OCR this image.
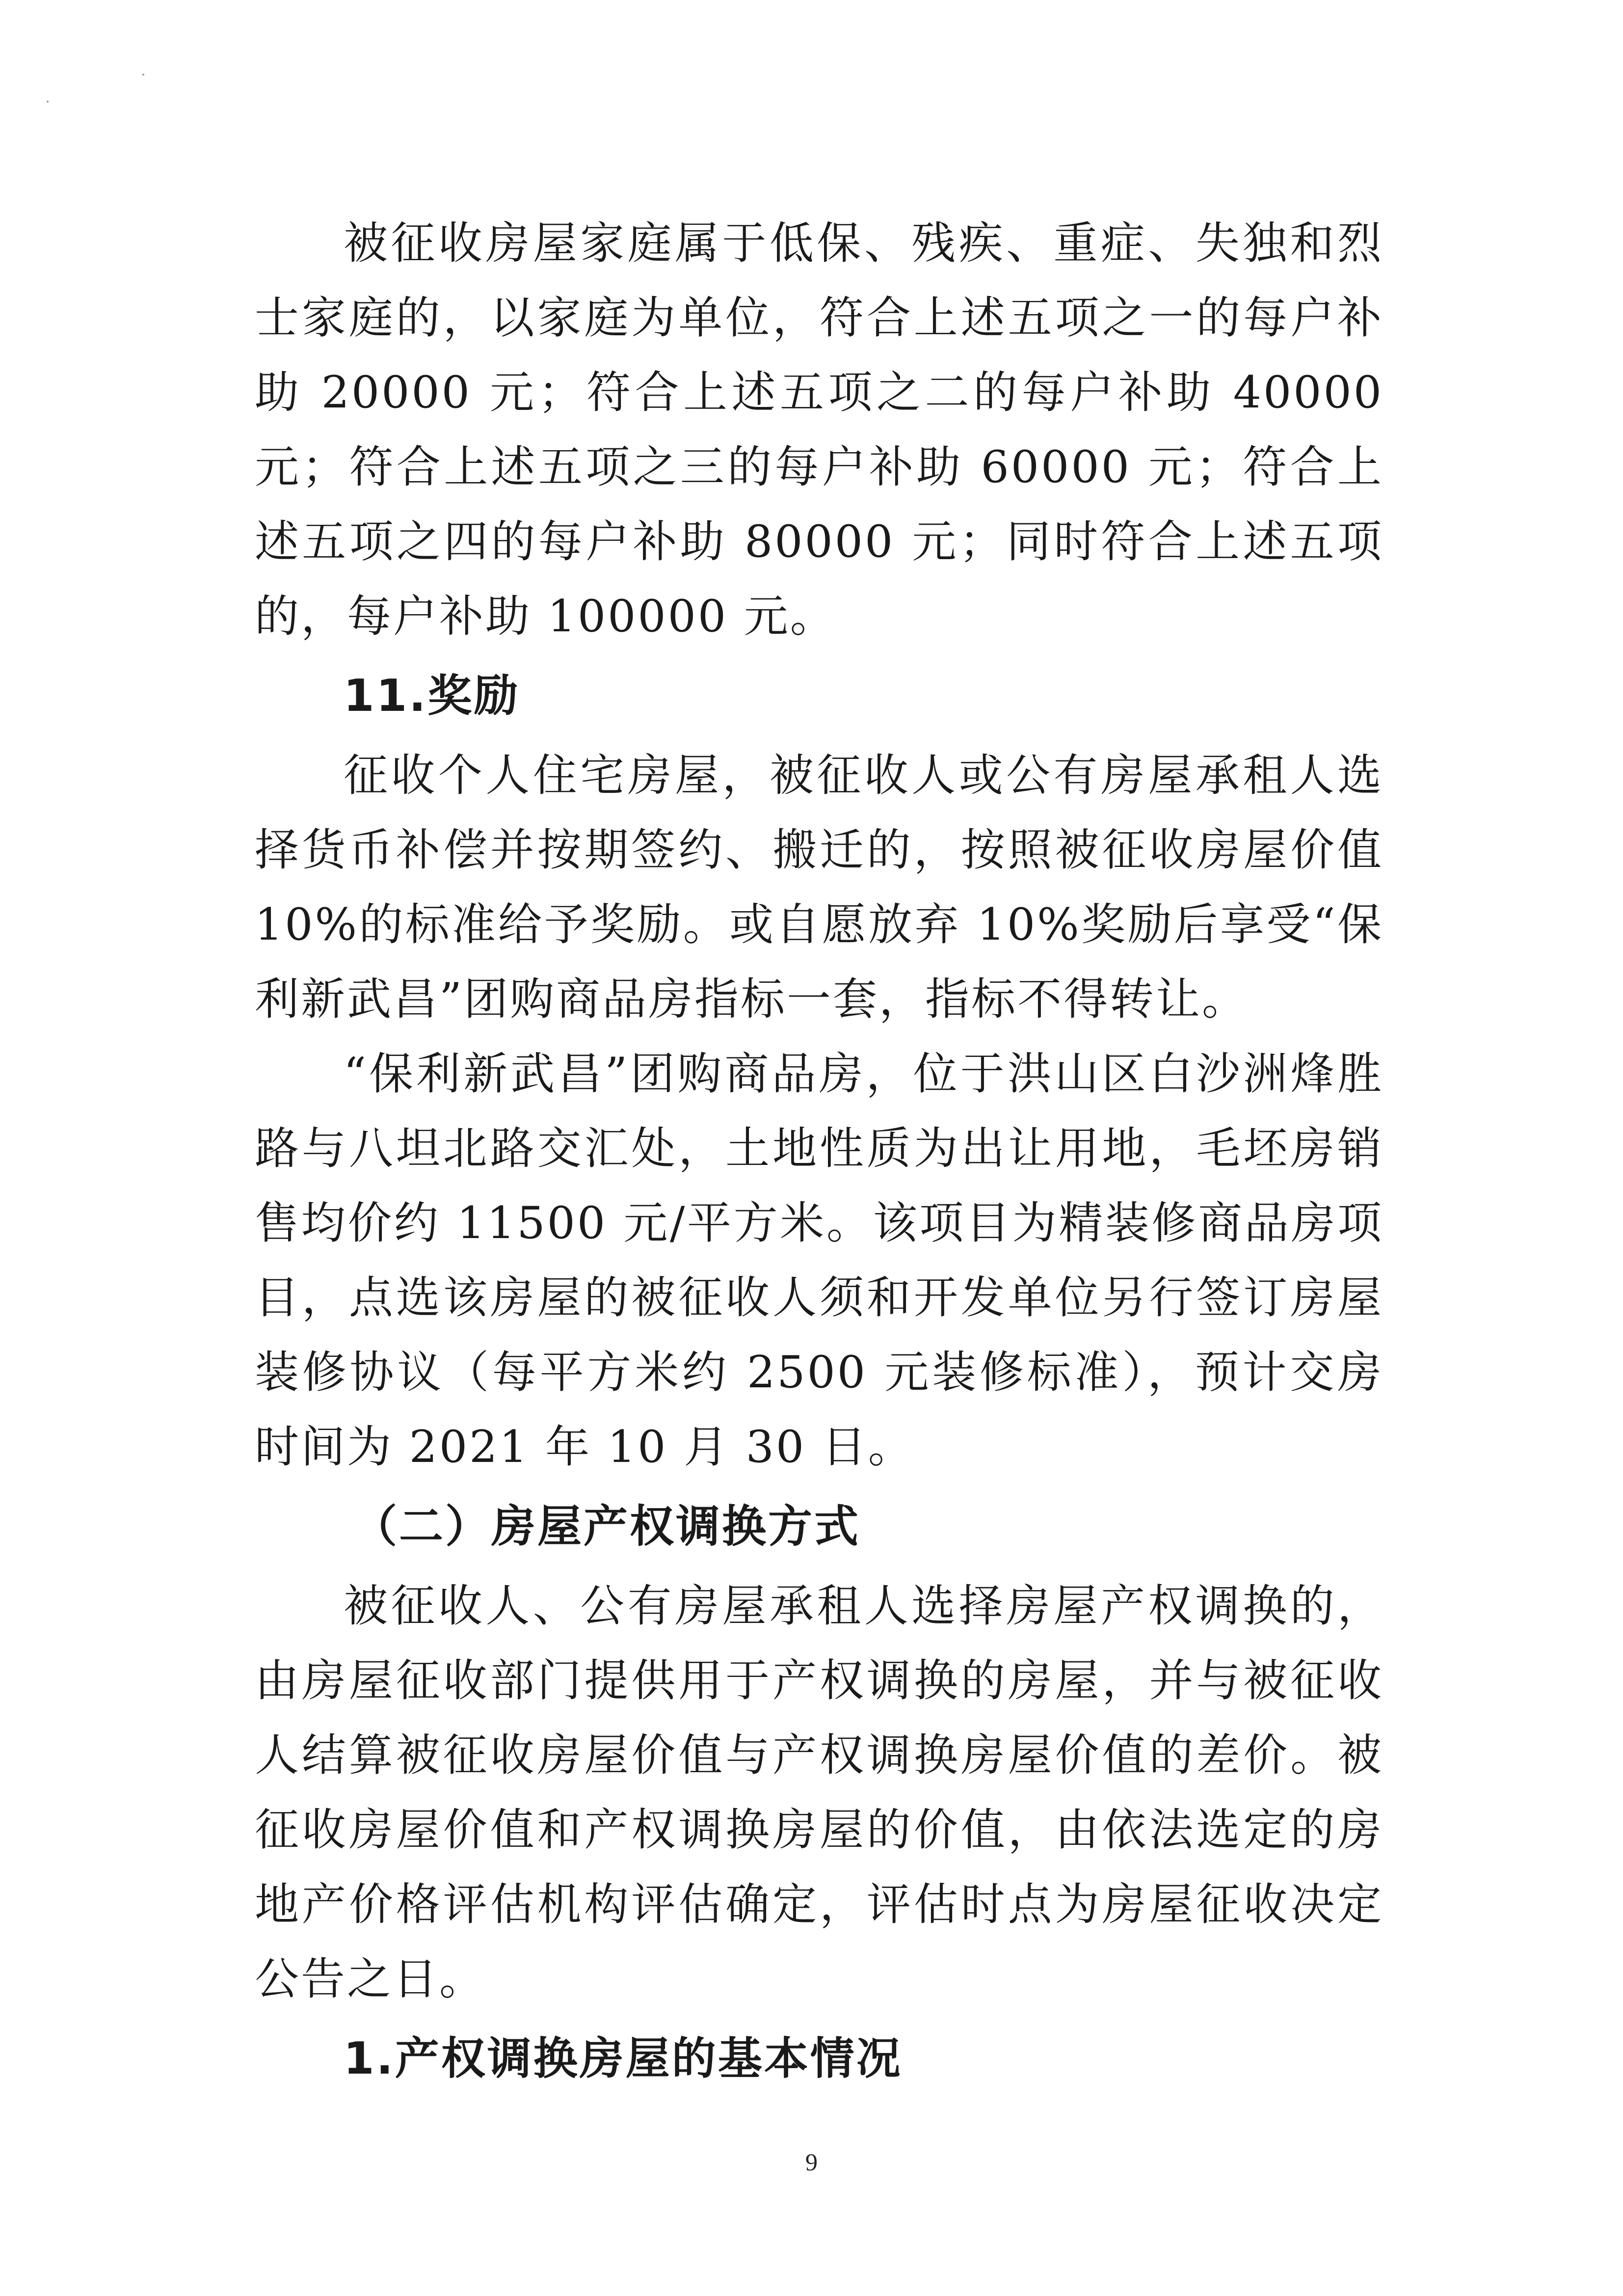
被征收房屋家庭属于低保、残疾、重症、失独和烈士家庭的，以家庭为单位，符合上述五项之一的每户补助 20000 元；符合上述五项之二的每户补助 40000 元；符合上述五项之三的每户补助 60000 元；符合上述五项之四的每户补助 80000 元；同时符合上述五项的，每户补助 100000 元。

11.奖励

征收个人住宅房屋，被征收人或公有房屋承租人选择货币补偿并按期签约、搬迁的，按照被征收房屋价值 10%的标准给予奖励。或自愿放弃 10%奖励后享受“保利新武昌”团购商品房指标一套，指标不得转让。

“保利新武昌”团购商品房，位于洪山区白沙洲烽胜路与八坦北路交汇处，土地性质为出让用地，毛坯房销售均价约 11500 元/平方米。该项目为精装修商品房项目，点选该房屋的被征收人须和开发单位另行签订房屋装修协议（每平方米约 2500 元装修标准），预计交房时间为 2021 年 10 月 30 日。

（二）房屋产权调换方式

被征收人、公有房屋承租人选择房屋产权调换的，由房屋征收部门提供用于产权调换的房屋，并与被征收人结算被征收房屋价值与产权调换房屋价值的差价。被征收房屋价值和产权调换房屋的价值，由依法选定的房地产价格评估机构评估确定，评估时点为房屋征收决定公告之日。

1.产权调换房屋的基本情况

9
